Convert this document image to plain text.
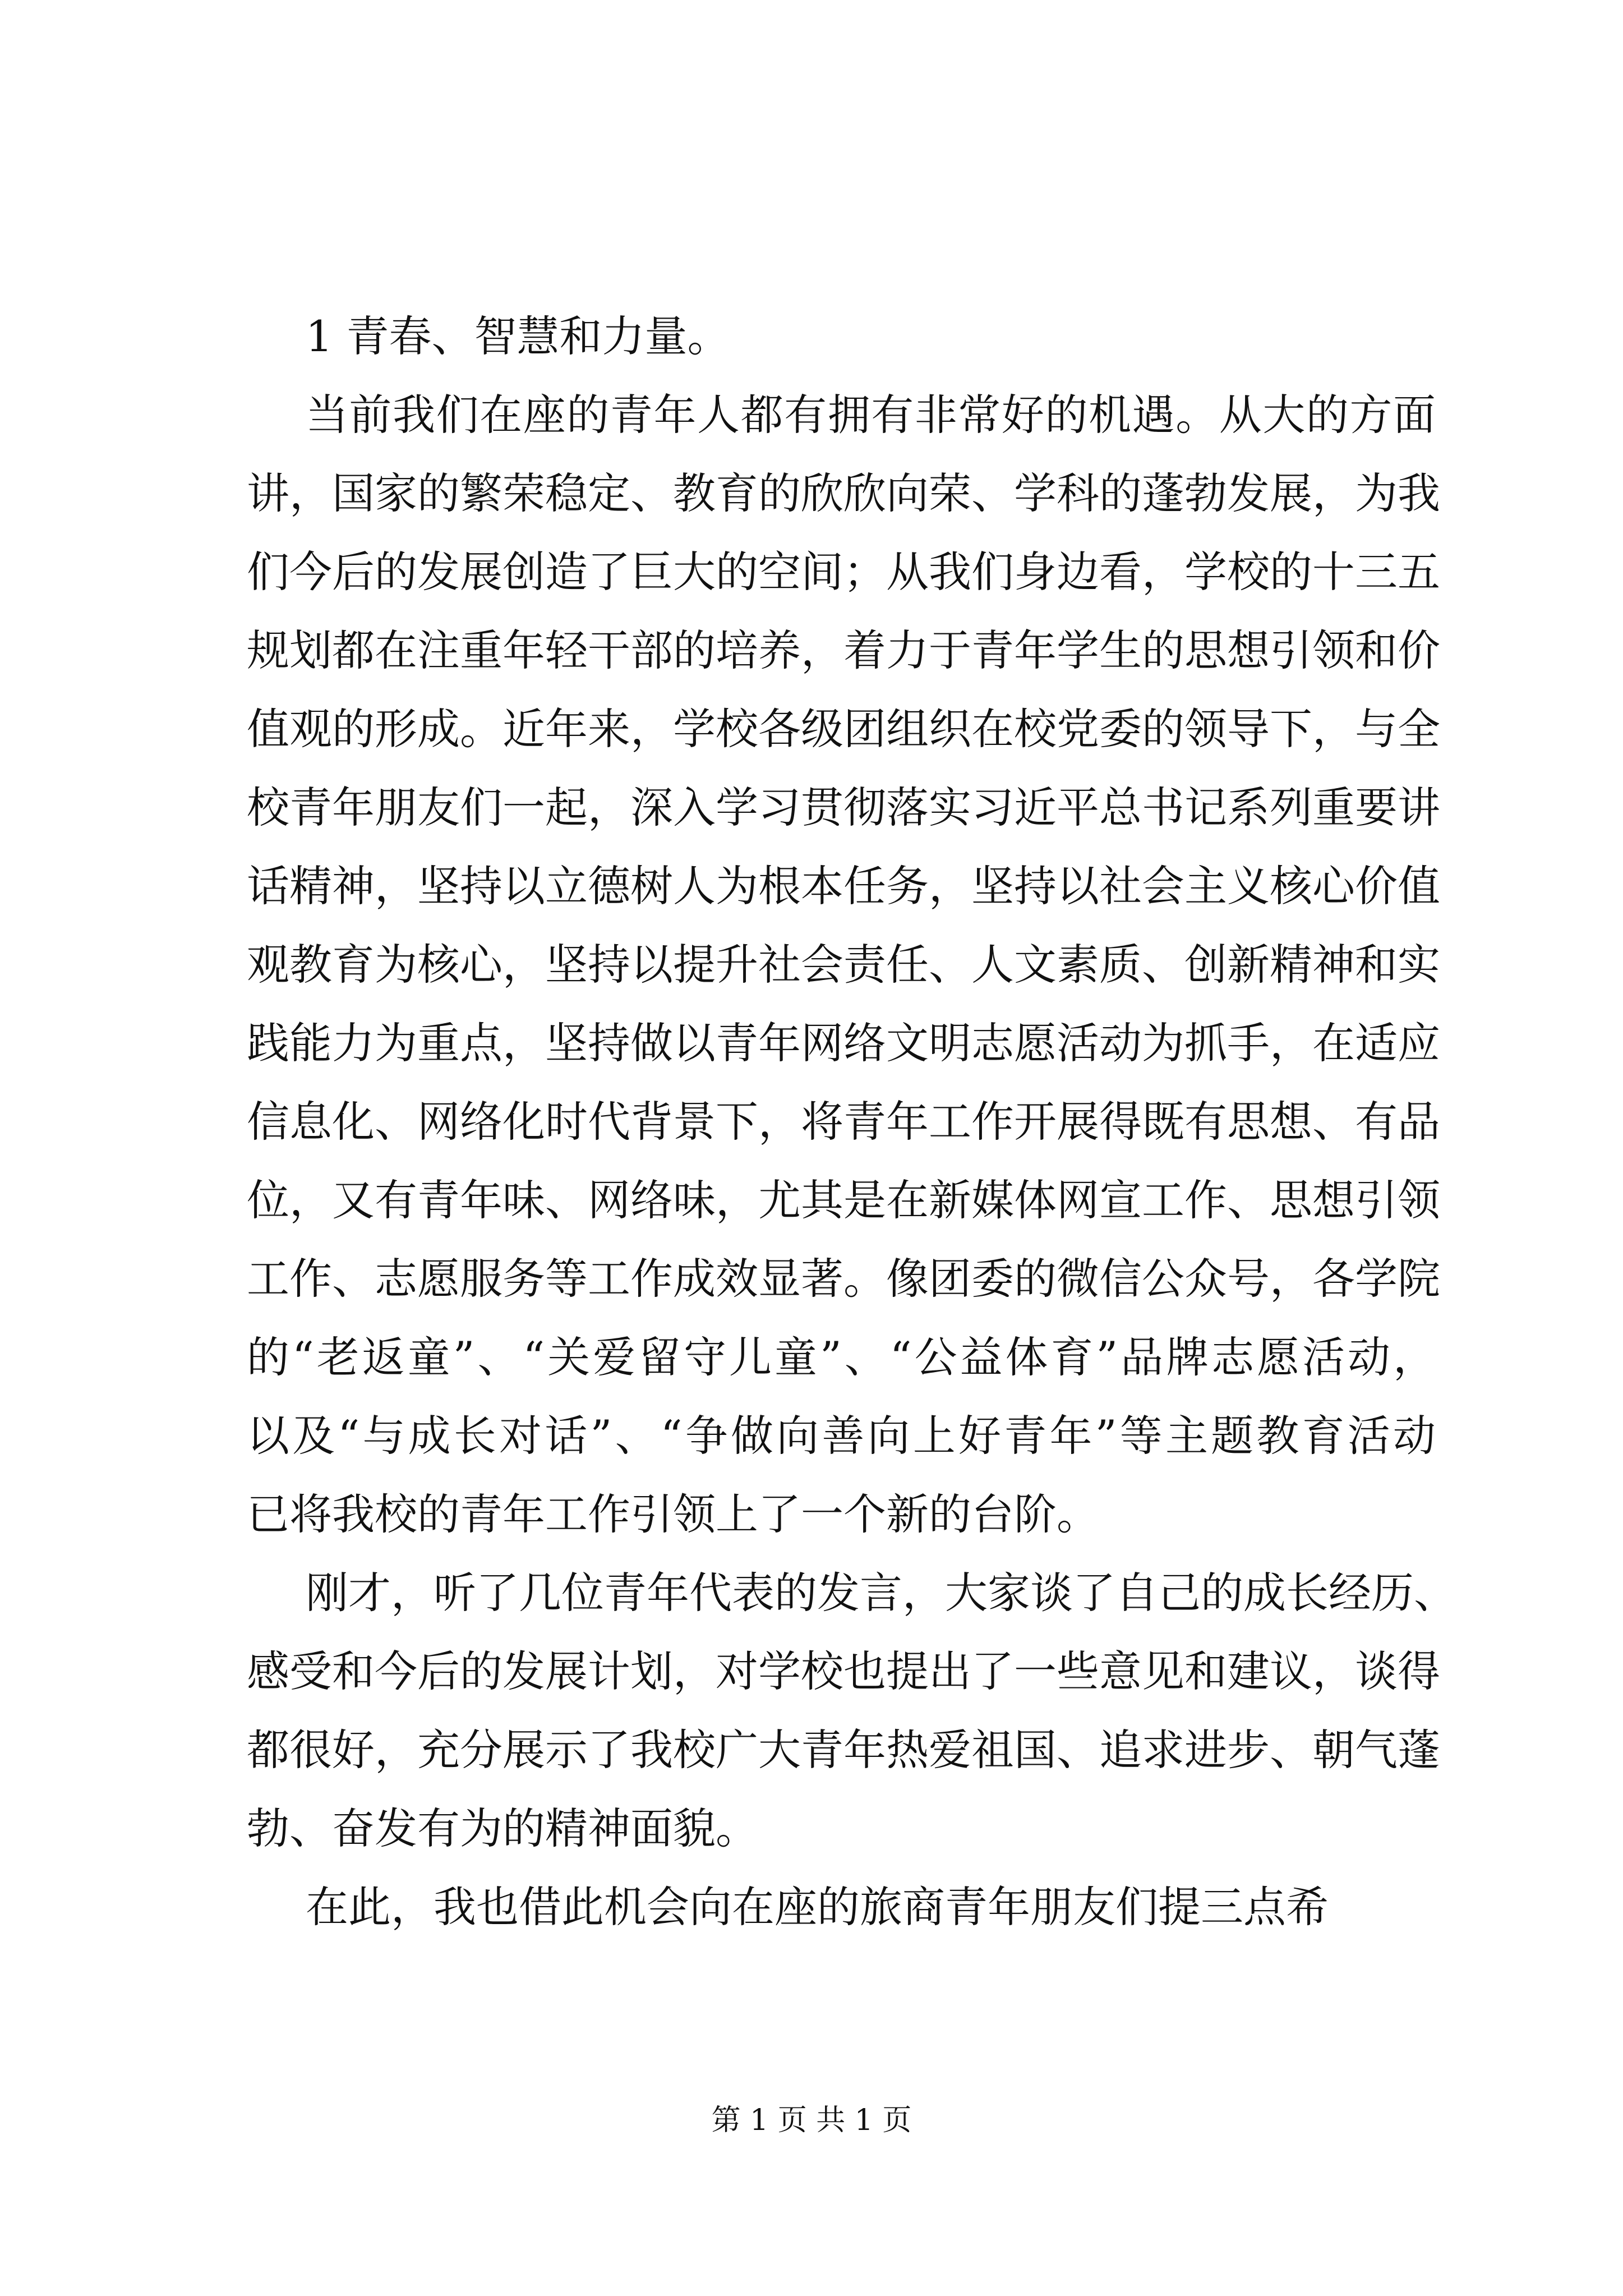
1 青春、智慧和力量。
当前我们在座的青年人都有拥有非常好的机遇。从大的方面
讲，国家的繁荣稳定、教育的欣欣向荣、学科的蓬勃发展，为我
们今后的发展创造了巨大的空间；从我们身边看，学校的十三五
规划都在注重年轻干部的培养，着力于青年学生的思想引领和价
值观的形成。近年来，学校各级团组织在校党委的领导下，与全
校青年朋友们一起，深入学习贯彻落实习近平总书记系列重要讲
话精神，坚持以立德树人为根本任务，坚持以社会主义核心价值
观教育为核心，坚持以提升社会责任、人文素质、创新精神和实
践能力为重点，坚持做以青年网络文明志愿活动为抓手，在适应
信息化、网络化时代背景下，将青年工作开展得既有思想、有品
位，又有青年味、网络味，尤其是在新媒体网宣工作、思想引领
工作、志愿服务等工作成效显著。像团委的微信公众号，各学院
的“老返童”、“关爱留守儿童”、“公益体育”品牌志愿活动，
以及“与成长对话”、“争做向善向上好青年”等主题教育活动
已将我校的青年工作引领上了一个新的台阶。
刚才，听了几位青年代表的发言，大家谈了自己的成长经历、
感受和今后的发展计划，对学校也提出了一些意见和建议，谈得
都很好，充分展示了我校广大青年热爱祖国、追求进步、朝气蓬
勃、奋发有为的精神面貌。
在此，我也借此机会向在座的旅商青年朋友们提三点希
第 1 页 共 1 页
